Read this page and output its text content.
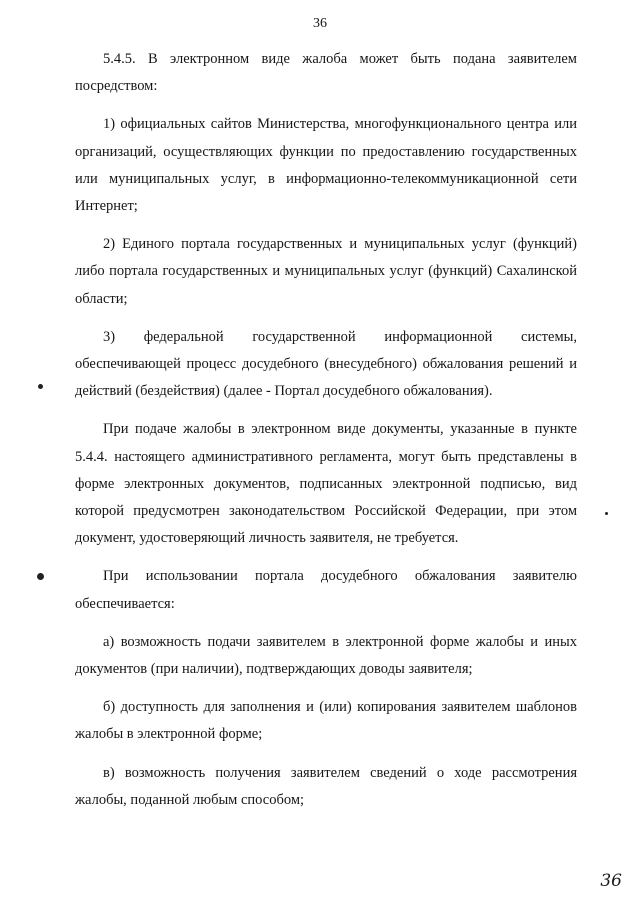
36

5.4.5. В электронном виде жалоба может быть подана заявителем посредством:

1) официальных сайтов Министерства, многофункционального центра или организаций, осуществляющих функции по предоставлению государственных или муниципальных услуг, в информационно-телекоммуникационной сети Интернет;

2) Единого портала государственных и муниципальных услуг (функций) либо портала государственных и муниципальных услуг (функций) Сахалинской области;

3) федеральной государственной информационной системы, обеспечивающей процесс досудебного (внесудебного) обжалования решений и действий (бездействия) (далее - Портал досудебного обжалования).

При подаче жалобы в электронном виде документы, указанные в пункте 5.4.4. настоящего административного регламента, могут быть представлены в форме электронных документов, подписанных электронной подписью, вид которой предусмотрен законодательством Российской Федерации, при этом документ, удостоверяющий личность заявителя, не требуется.

При использовании портала досудебного обжалования заявителю обеспечивается:

а) возможность подачи заявителем в электронной форме жалобы и иных документов (при наличии), подтверждающих доводы заявителя;

б) доступность для заполнения и (или) копирования заявителем шаблонов жалобы в электронной форме;

в) возможность получения заявителем сведений о ходе рассмотрения жалобы, поданной любым способом;

36
